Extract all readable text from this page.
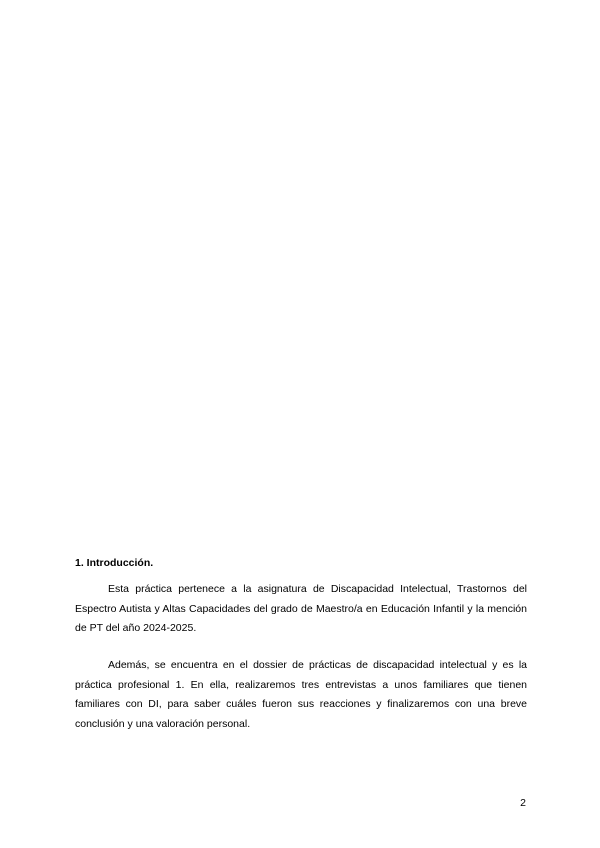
1. Introducción.

Esta práctica pertenece a la asignatura de Discapacidad Intelectual, Trastornos del Espectro Autista y Altas Capacidades del grado de Maestro/a en Educación Infantil y la mención de PT del año 2024-2025.

Además, se encuentra en el dossier de prácticas de discapacidad intelectual y es la práctica profesional 1. En ella, realizaremos tres entrevistas a unos familiares que tienen familiares con DI, para saber cuáles fueron sus reacciones y finalizaremos con una breve conclusión y una valoración personal.

2
